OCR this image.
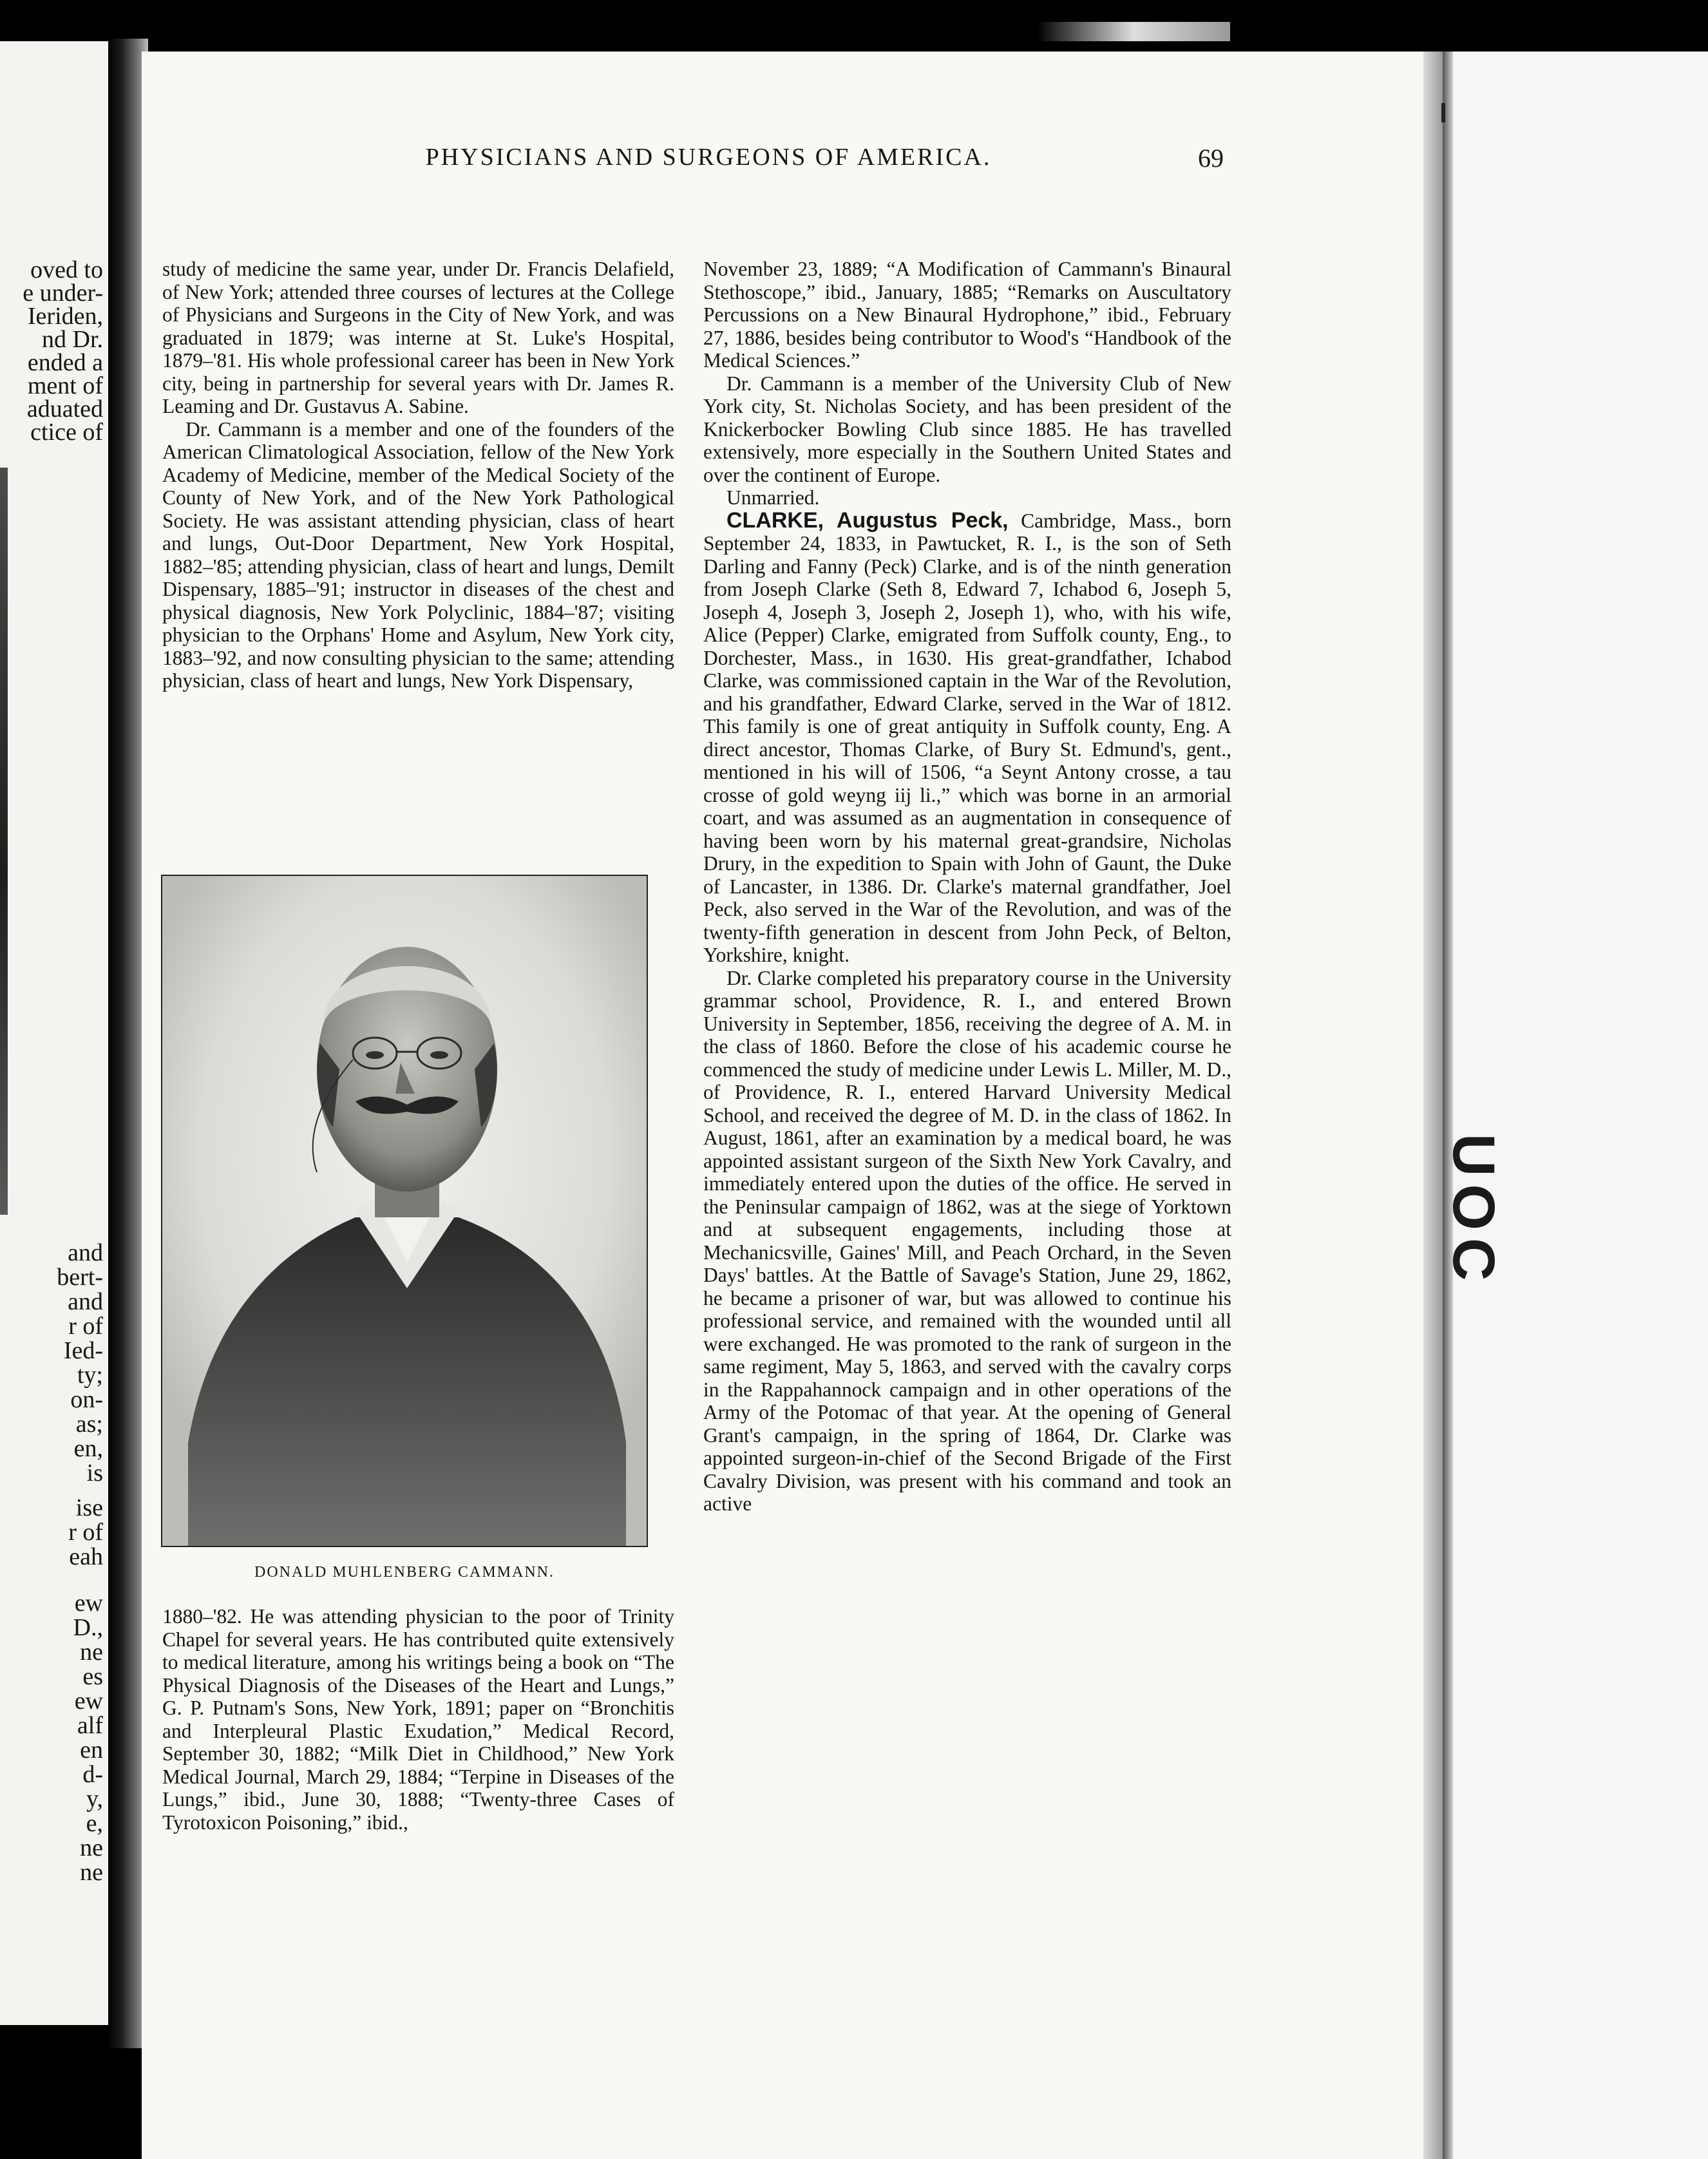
oved to
e under-
Ieriden,
nd Dr.
ended a
ment of
aduated
ctice of
and
bert-
and
r of
Ied-
ty;
on-
as;
en,
is
ise
r of
eah
ew
D.,
ne
es
ew
alf
en
d-
y,
e,
ne
ne
PHYSICIANS AND SURGEONS OF AMERICA.	69

study of medicine the same year, under Dr. Francis Delafield, of New York; attended three courses of lectures at the College of Physicians and Surgeons in the City of New York, and was graduated in 1879; was interne at St. Luke's Hospital, 1879–'81. His whole professional career has been in New York city, being in partnership for several years with Dr. James R. Leaming and Dr. Gustavus A. Sabine.

Dr. Cammann is a member and one of the founders of the American Climatological Association, fellow of the New York Academy of Medicine, member of the Medical Society of the County of New York, and of the New York Pathological Society. He was assistant attending physician, class of heart and lungs, Out-Door Department, New York Hospital, 1882–'85; attending physician, class of heart and lungs, Demilt Dispensary, 1885–'91; instructor in diseases of the chest and physical diagnosis, New York Polyclinic, 1884–'87; visiting physician to the Orphans' Home and Asylum, New York city, 1883–'92, and now consulting physician to the same; attending physician, class of heart and lungs, New York Dispensary,

DONALD MUHLENBERG CAMMANN.

1880–'82. He was attending physician to the poor of Trinity Chapel for several years. He has contributed quite extensively to medical literature, among his writings being a book on “The Physical Diagnosis of the Diseases of the Heart and Lungs,” G. P. Putnam's Sons, New York, 1891; paper on “Bronchitis and Interpleural Plastic Exudation,” Medical Record, September 30, 1882; “Milk Diet in Childhood,” New York Medical Journal, March 29, 1884; “Terpine in Diseases of the Lungs,” ibid., June 30, 1888; “Twenty-three Cases of Tyrotoxicon Poisoning,” ibid.,

November 23, 1889; “A Modification of Cammann's Binaural Stethoscope,” ibid., January, 1885; “Remarks on Auscultatory Percussions on a New Binaural Hydrophone,” ibid., February 27, 1886, besides being contributor to Wood's “Handbook of the Medical Sciences.”

Dr. Cammann is a member of the University Club of New York city, St. Nicholas Society, and has been president of the Knickerbocker Bowling Club since 1885. He has travelled extensively, more especially in the Southern United States and over the continent of Europe.

Unmarried.

CLARKE, Augustus Peck, Cambridge, Mass., born September 24, 1833, in Pawtucket, R. I., is the son of Seth Darling and Fanny (Peck) Clarke, and is of the ninth generation from Joseph Clarke (Seth 8, Edward 7, Ichabod 6, Joseph 5, Joseph 4, Joseph 3, Joseph 2, Joseph 1), who, with his wife, Alice (Pepper) Clarke, emigrated from Suffolk county, Eng., to Dorchester, Mass., in 1630. His great-grandfather, Ichabod Clarke, was commissioned captain in the War of the Revolution, and his grandfather, Edward Clarke, served in the War of 1812. This family is one of great antiquity in Suffolk county, Eng. A direct ancestor, Thomas Clarke, of Bury St. Edmund's, gent., mentioned in his will of 1506, “a Seynt Antony crosse, a tau crosse of gold weyng iij li.,” which was borne in an armorial coart, and was assumed as an augmentation in consequence of having been worn by his maternal great-grandsire, Nicholas Drury, in the expedition to Spain with John of Gaunt, the Duke of Lancaster, in 1386. Dr. Clarke's maternal grandfather, Joel Peck, also served in the War of the Revolution, and was of the twenty-fifth generation in descent from John Peck, of Belton, Yorkshire, knight.

Dr. Clarke completed his preparatory course in the University grammar school, Providence, R. I., and entered Brown University in September, 1856, receiving the degree of A. M. in the class of 1860. Before the close of his academic course he commenced the study of medicine under Lewis L. Miller, M. D., of Providence, R. I., entered Harvard University Medical School, and received the degree of M. D. in the class of 1862. In August, 1861, after an examination by a medical board, he was appointed assistant surgeon of the Sixth New York Cavalry, and immediately entered upon the duties of the office. He served in the Peninsular campaign of 1862, was at the siege of Yorktown and at subsequent engagements, including those at Mechanicsville, Gaines' Mill, and Peach Orchard, in the Seven Days' battles. At the Battle of Savage's Station, June 29, 1862, he became a prisoner of war, but was allowed to continue his professional service, and remained with the wounded until all were exchanged. He was promoted to the rank of surgeon in the same regiment, May 5, 1863, and served with the cavalry corps in the Rappahannock campaign and in other operations of the Army of the Potomac of that year. At the opening of General Grant's campaign, in the spring of 1864, Dr. Clarke was appointed surgeon-in-chief of the Second Brigade of the First Cavalry Division, was present with his command and took an active

UOC
